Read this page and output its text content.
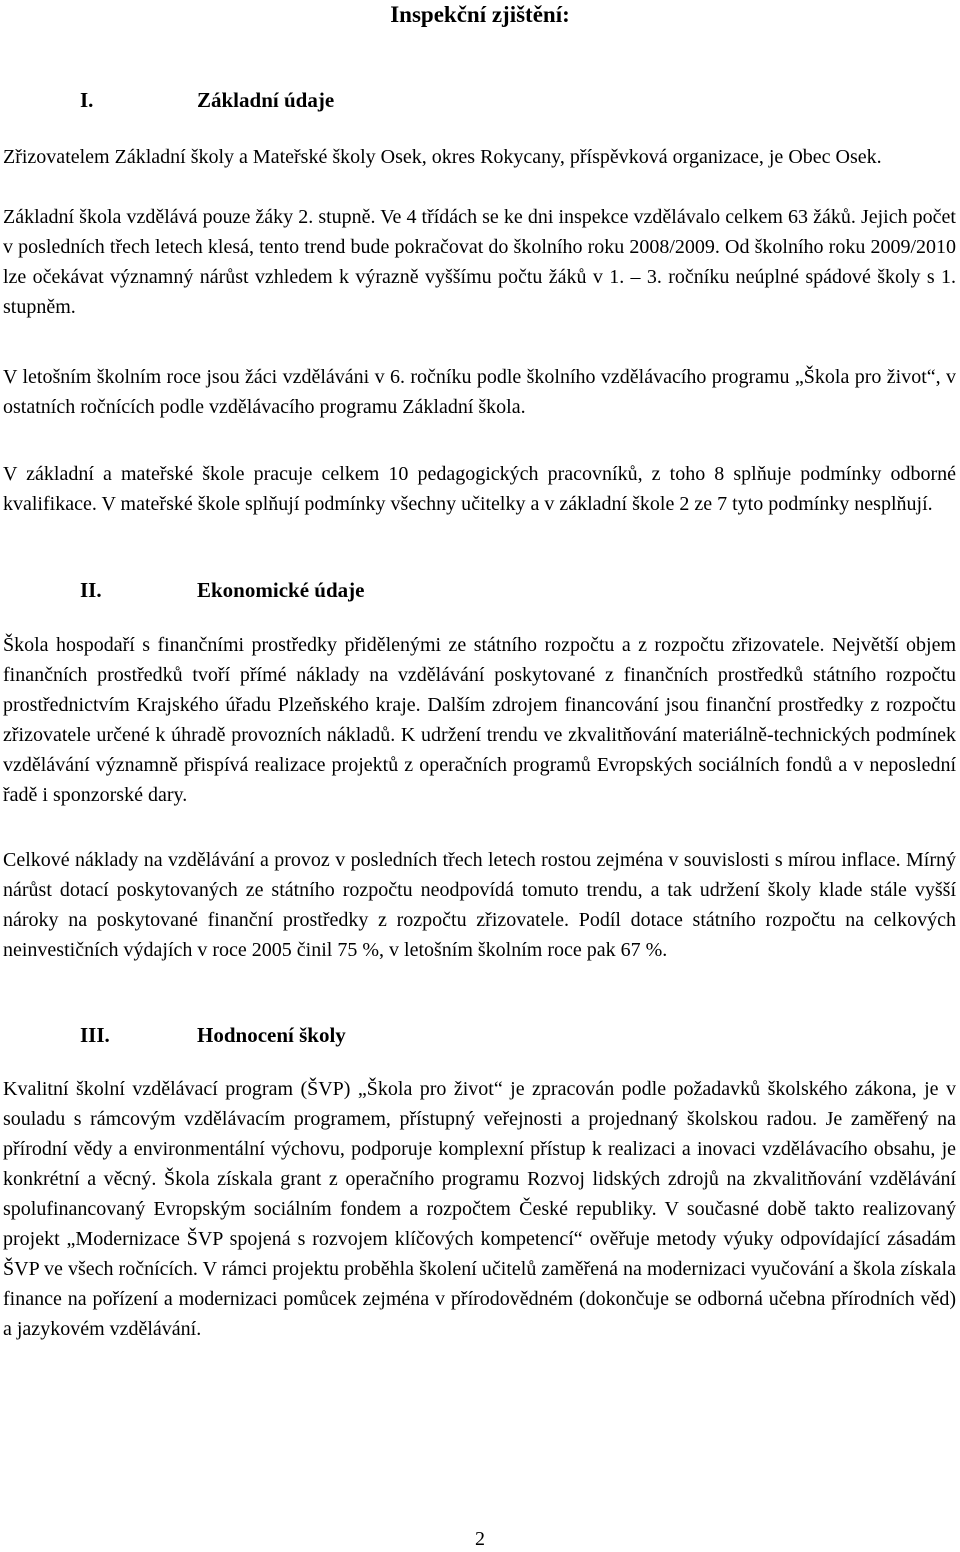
Inspekční zjištění:
I.	Základní údaje

Zřizovatelem Základní školy a Mateřské školy Osek, okres Rokycany, příspěvková organizace, je Obec Osek.

Základní škola vzdělává pouze žáky 2. stupně. Ve 4 třídách se ke dni inspekce vzdělávalo celkem 63 žáků. Jejich počet v posledních třech letech klesá, tento trend bude pokračovat do školního roku 2008/2009. Od školního roku 2009/2010 lze očekávat významný nárůst vzhledem k výrazně vyššímu počtu žáků v 1. – 3. ročníku neúplné spádové školy s 1. stupněm.

V letošním školním roce jsou žáci vzděláváni v 6. ročníku podle školního vzdělávacího programu „Škola pro život“, v ostatních ročnících podle vzdělávacího programu Základní škola.

V základní a mateřské škole pracuje celkem 10 pedagogických pracovníků, z toho 8 splňuje podmínky odborné kvalifikace. V mateřské škole splňují podmínky všechny učitelky a v základní škole 2 ze 7 tyto podmínky nesplňují.

II.	Ekonomické údaje

Škola hospodaří s finančními prostředky přidělenými ze státního rozpočtu a z rozpočtu zřizovatele. Největší objem finančních prostředků tvoří přímé náklady na vzdělávání poskytované z finančních prostředků státního rozpočtu prostřednictvím Krajského úřadu Plzeňského kraje. Dalším zdrojem financování jsou finanční prostředky z rozpočtu zřizovatele určené k úhradě provozních nákladů. K udržení trendu ve zkvalitňování materiálně-technických podmínek vzdělávání významně přispívá realizace projektů z operačních programů Evropských sociálních fondů a v neposlední řadě i sponzorské dary.

Celkové náklady na vzdělávání a provoz v posledních třech letech rostou zejména v souvislosti s mírou inflace. Mírný nárůst dotací poskytovaných ze státního rozpočtu neodpovídá tomuto trendu, a tak udržení školy klade stále vyšší nároky na poskytované finanční prostředky z rozpočtu zřizovatele. Podíl dotace státního rozpočtu na celkových neinvestičních výdajích v roce 2005 činil 75 %, v letošním školním roce pak 67 %.

III.	Hodnocení školy

Kvalitní školní vzdělávací program (ŠVP) „Škola pro život“ je zpracován podle požadavků školského zákona, je v souladu s rámcovým vzdělávacím programem, přístupný veřejnosti a projednaný školskou radou. Je zaměřený na přírodní vědy a environmentální výchovu, podporuje komplexní přístup k realizaci a inovaci vzdělávacího obsahu, je konkrétní a věcný. Škola získala grant z operačního programu Rozvoj lidských zdrojů na zkvalitňování vzdělávání spolufinancovaný Evropským sociálním fondem a rozpočtem České republiky. V současné době takto realizovaný projekt „Modernizace ŠVP spojená s rozvojem klíčových kompetencí“ ověřuje metody výuky odpovídající zásadám ŠVP ve všech ročnících. V rámci projektu proběhla školení učitelů zaměřená na modernizaci vyučování a škola získala finance na pořízení a modernizaci pomůcek zejména v přírodovědném (dokončuje se odborná učebna přírodních věd) a jazykovém vzdělávání.

2
